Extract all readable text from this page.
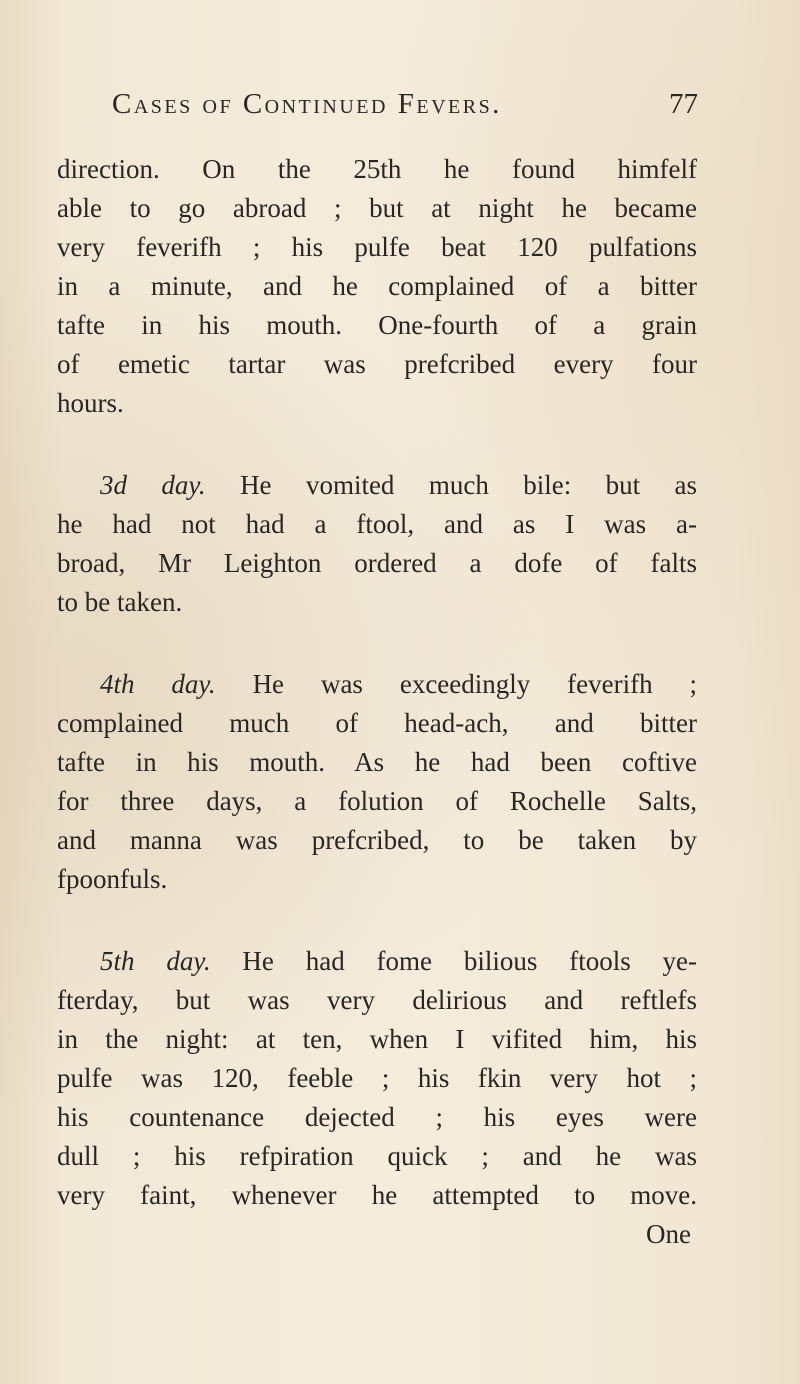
Cases of Continued Fevers.	77

direction. On the 25th he found himfelf
able to go abroad ; but at night he became
very feverifh ; his pulfe beat 120 pulfations
in a minute, and he complained of a bitter
tafte in his mouth. One-fourth of a grain
of emetic tartar was prefcribed every four
hours.

3d day. He vomited much bile: but as
he had not had a ftool, and as I was a-
broad, Mr Leighton ordered a dofe of falts
to be taken.

4th day. He was exceedingly feverifh ;
complained much of head-ach, and bitter
tafte in his mouth. As he had been coftive
for three days, a folution of Rochelle Salts,
and manna was prefcribed, to be taken by
fpoonfuls.

5th day. He had fome bilious ftools ye-
fterday, but was very delirious and reftlefs
in the night: at ten, when I vifited him, his
pulfe was 120, feeble ; his fkin very hot ;
his countenance dejected ; his eyes were
dull ; his refpiration quick ; and he was
very faint, whenever he attempted to move.
One
